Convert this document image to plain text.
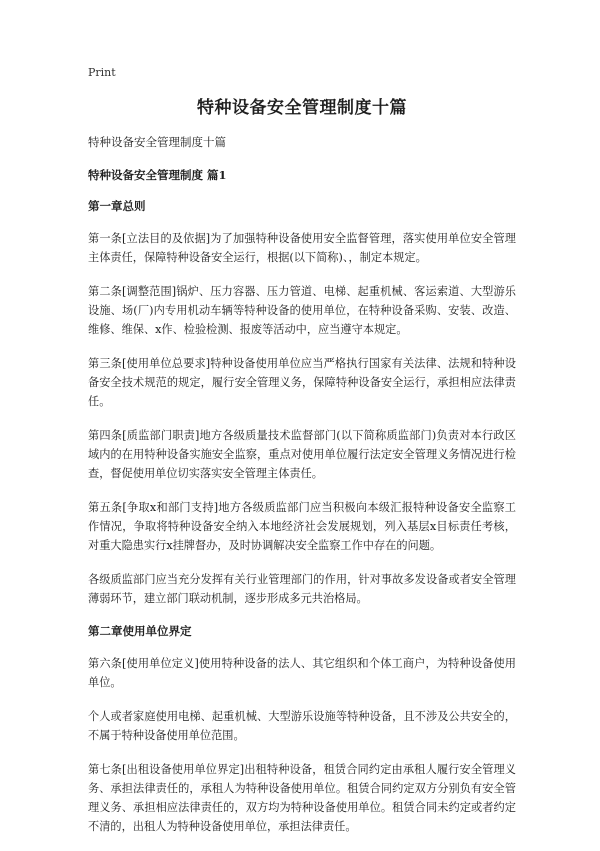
Print
特种设备安全管理制度十篇
特种设备安全管理制度十篇
特种设备安全管理制度 篇1
第一章总则
第一条[立法目的及依据]为了加强特种设备使用安全监督管理，落实使用单位安全管理主体责任，保障特种设备安全运行，根据(以下简称)、，制定本规定。
第二条[调整范围]锅炉、压力容器、压力管道、电梯、起重机械、客运索道、大型游乐设施、场(厂)内专用机动车辆等特种设备的使用单位，在特种设备采购、安装、改造、维修、维保、x作、检验检测、报废等活动中，应当遵守本规定。
第三条[使用单位总要求]特种设备使用单位应当严格执行国家有关法律、法规和特种设备安全技术规范的规定，履行安全管理义务，保障特种设备安全运行，承担相应法律责任。
第四条[质监部门职责]地方各级质量技术监督部门(以下简称质监部门)负责对本行政区域内的在用特种设备实施安全监察，重点对使用单位履行法定安全管理义务情况进行检查，督促使用单位切实落实安全管理主体责任。
第五条[争取x和部门支持]地方各级质监部门应当积极向本级汇报特种设备安全监察工作情况，争取将特种设备安全纳入本地经济社会发展规划，列入基层x目标责任考核，对重大隐患实行x挂牌督办，及时协调解决安全监察工作中存在的问题。
各级质监部门应当充分发挥有关行业管理部门的作用，针对事故多发设备或者安全管理薄弱环节，建立部门联动机制，逐步形成多元共治格局。
第二章使用单位界定
第六条[使用单位定义]使用特种设备的法人、其它组织和个体工商户，为特种设备使用单位。
个人或者家庭使用电梯、起重机械、大型游乐设施等特种设备，且不涉及公共安全的，不属于特种设备使用单位范围。
第七条[出租设备使用单位界定]出租特种设备，租赁合同约定由承租人履行安全管理义务、承担法律责任的，承租人为特种设备使用单位。租赁合同约定双方分别负有安全管理义务、承担相应法律责任的，双方均为特种设备使用单位。租赁合同未约定或者约定不清的，出租人为特种设备使用单位，承担法律责任。
